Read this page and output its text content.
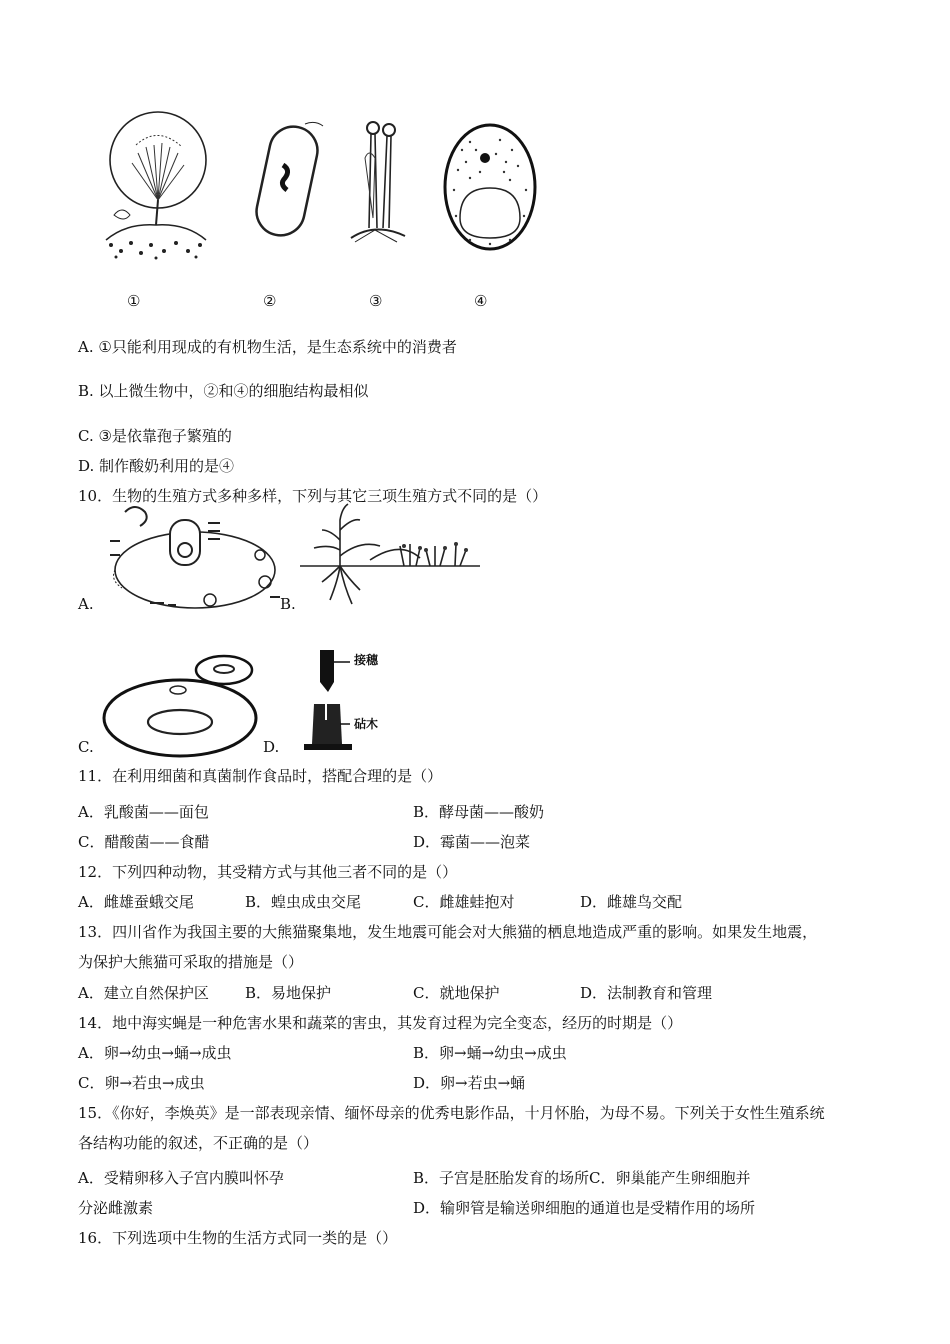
①	②	③	④
A. ①只能利用现成的有机物生活，是生态系统中的消费者
B. 以上微生物中，②和④的细胞结构最相似
C. ③是依靠孢子繁殖的
D. 制作酸奶利用的是④
10．生物的生殖方式多种多样，下列与其它三项生殖方式不同的是（）
A.	B.
C.
接穗
砧木
D.
11．在利用细菌和真菌制作食品时，搭配合理的是（）
A．乳酸菌——面包	B．酵母菌——酸奶
C．醋酸菌——食醋	D．霉菌——泡菜
12．下列四种动物，其受精方式与其他三者不同的是（）
A．雌雄蚕蛾交尾	B．蝗虫成虫交尾	C．雌雄蛙抱对	D．雌雄鸟交配
13．四川省作为我国主要的大熊猫聚集地，发生地震可能会对大熊猫的栖息地造成严重的影响。如果发生地震，
为保护大熊猫可采取的措施是（）
A．建立自然保护区 B．易地保护	C．就地保护	D．法制教育和管理
14．地中海实蝇是一种危害水果和蔬菜的害虫，其发育过程为完全变态，经历的时期是（）
A．卵→幼虫→蛹→成虫	B．卵→蛹→幼虫→成虫
C．卵→若虫→成虫	D．卵→若虫→蛹
15．《你好，李焕英》是一部表现亲情、缅怀母亲的优秀电影作品，十月怀胎，为母不易。下列关于女性生殖系统
各结构功能的叙述，不正确的是（）
A．受精卵移入子宫内膜叫怀孕	B．子宫是胚胎发育的场所C．卵巢能产生卵细胞并
分泌雌激素	D．输卵管是输送卵细胞的通道也是受精作用的场所
16．下列选项中生物的生活方式同一类的是（）
